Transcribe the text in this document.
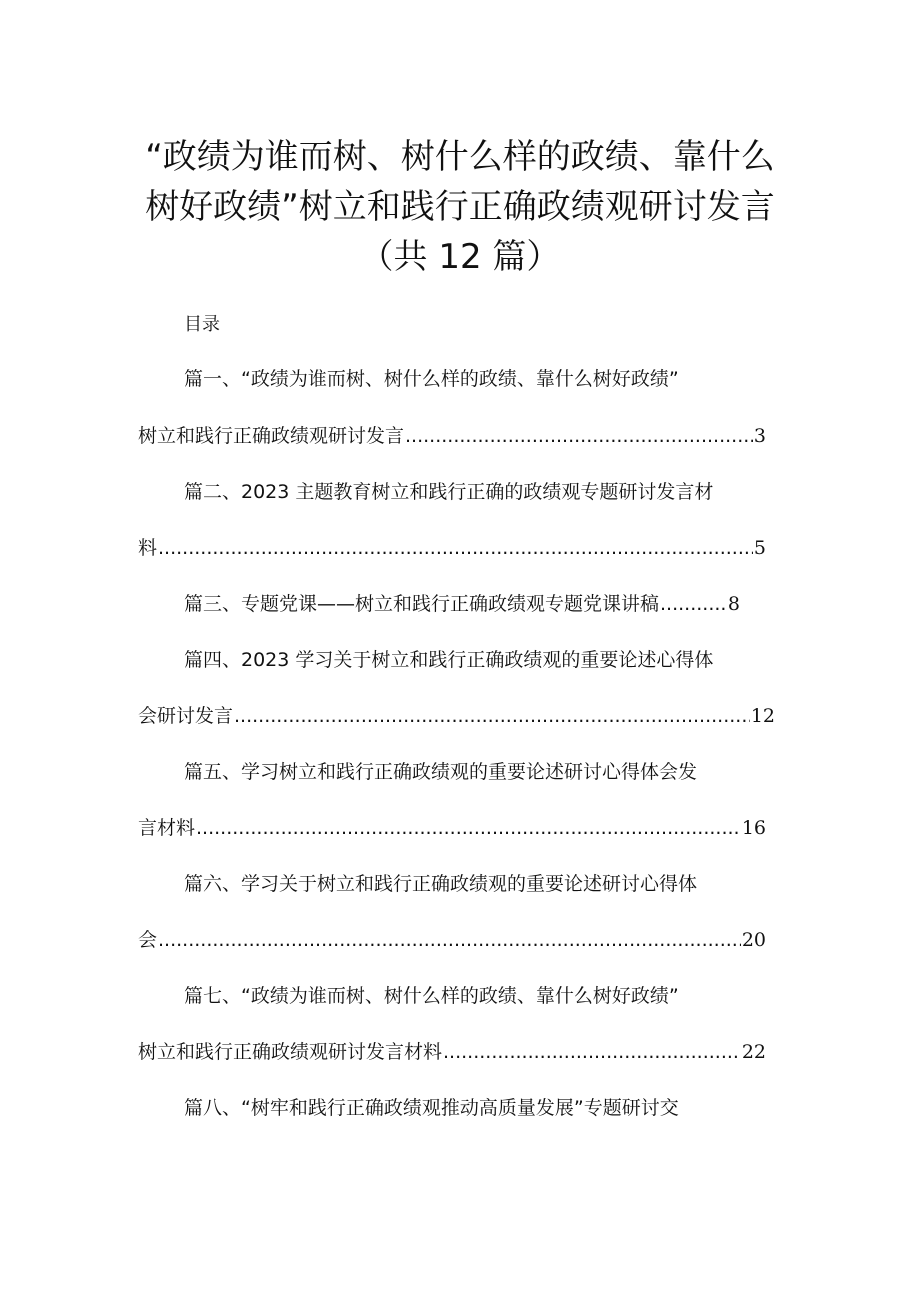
“政绩为谁而树、树什么样的政绩、靠什么
树好政绩”树立和践行正确政绩观研讨发言
（共 12 篇）
目录
篇一、“政绩为谁而树、树什么样的政绩、靠什么树好政绩”
树立和践行正确政绩观研讨发言 .....	3
篇二、2023 主题教育树立和践行正确的政绩观专题研讨发言材
料 .....	5
篇三、专题党课——树立和践行正确政绩观专题党课讲稿 .....	8
篇四、2023 学习关于树立和践行正确政绩观的重要论述心得体
会研讨发言 .....	12
篇五、学习树立和践行正确政绩观的重要论述研讨心得体会发
言材料 .....	16
篇六、学习关于树立和践行正确政绩观的重要论述研讨心得体
会 .....	20
篇七、“政绩为谁而树、树什么样的政绩、靠什么树好政绩”
树立和践行正确政绩观研讨发言材料 .....	22
篇八、“树牢和践行正确政绩观推动高质量发展”专题研讨交
